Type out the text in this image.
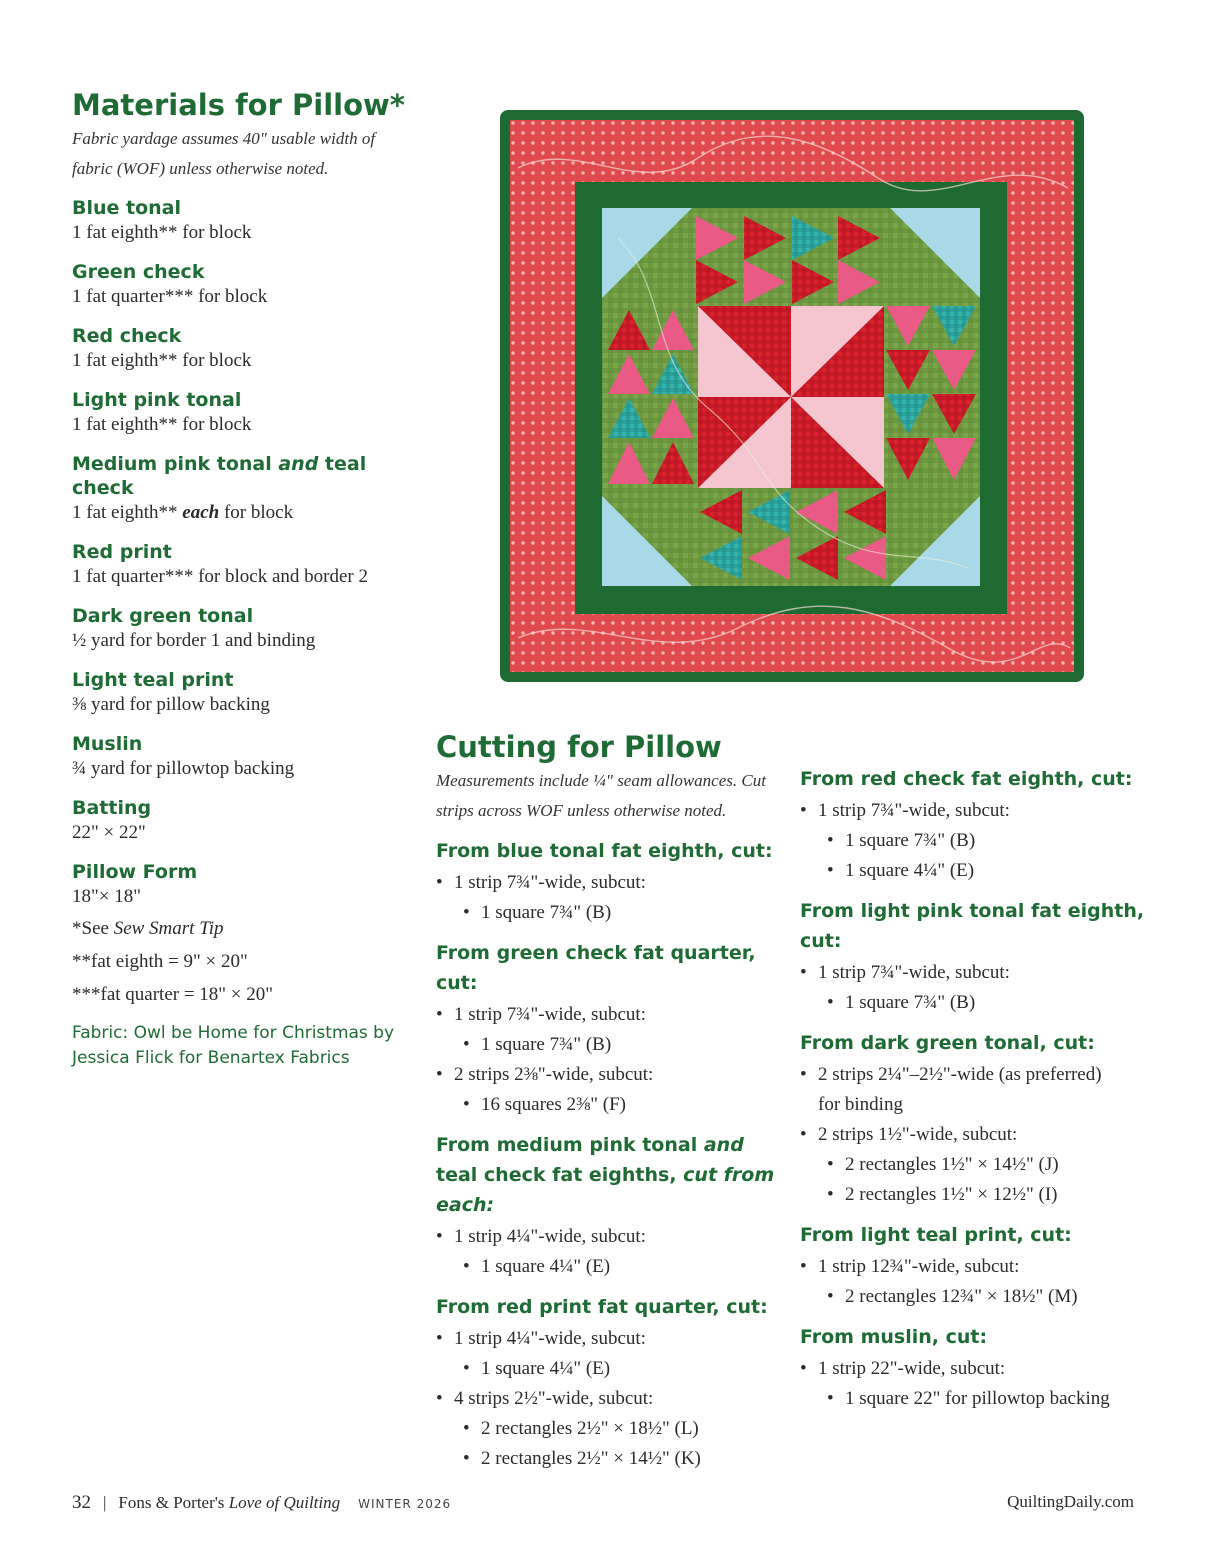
Materials for Pillow*

Fabric yardage assumes 40" usable width of fabric (WOF) unless otherwise noted.

Blue tonal
1 fat eighth** for block
Green check
1 fat quarter*** for block
Red check
1 fat eighth** for block
Light pink tonal
1 fat eighth** for block
Medium pink tonal and teal check
1 fat eighth** each for block
Red print
1 fat quarter*** for block and border 2
Dark green tonal
½ yard for border 1 and binding
Light teal print
⅜ yard for pillow backing
Muslin
¾ yard for pillowtop backing
Batting
22" × 22"
Pillow Form
18"× 18"
*See Sew Smart Tip
**fat eighth = 9" × 20"
***fat quarter = 18" × 20"
Fabric: Owl be Home for Christmas by Jessica Flick for Benartex Fabrics
Cutting for Pillow

Measurements include ¼" seam allowances. Cut strips across WOF unless otherwise noted.

From blue tonal fat eighth, cut:
• 1 strip 7¾"-wide, subcut:
• 1 square 7¾" (B)
From green check fat quarter, cut:
• 1 strip 7¾"-wide, subcut:
• 1 square 7¾" (B)
• 2 strips 2⅜"-wide, subcut:
• 16 squares 2⅜" (F)
From medium pink tonal and teal check fat eighths, cut from each:
• 1 strip 4¼"-wide, subcut:
• 1 square 4¼" (E)
From red print fat quarter, cut:
• 1 strip 4¼"-wide, subcut:
• 1 square 4¼" (E)
• 4 strips 2½"-wide, subcut:
• 2 rectangles 2½" × 18½" (L)
• 2 rectangles 2½" × 14½" (K)
From red check fat eighth, cut:
• 1 strip 7¾"-wide, subcut:
• 1 square 7¾" (B)
• 1 square 4¼" (E)
From light pink tonal fat eighth, cut:
• 1 strip 7¾"-wide, subcut:
• 1 square 7¾" (B)
From dark green tonal, cut:
• 2 strips 2¼"–2½"-wide (as preferred)
for binding
• 2 strips 1½"-wide, subcut:
• 2 rectangles 1½" × 14½" (J)
• 2 rectangles 1½" × 12½" (I)
From light teal print, cut:
• 1 strip 12¾"-wide, subcut:
• 2 rectangles 12¾" × 18½" (M)
From muslin, cut:
• 1 strip 22"-wide, subcut:
• 1 square 22" for pillowtop backing
32 | Fons & Porter's Love of Quilting WINTER 2026	QuiltingDaily.com
